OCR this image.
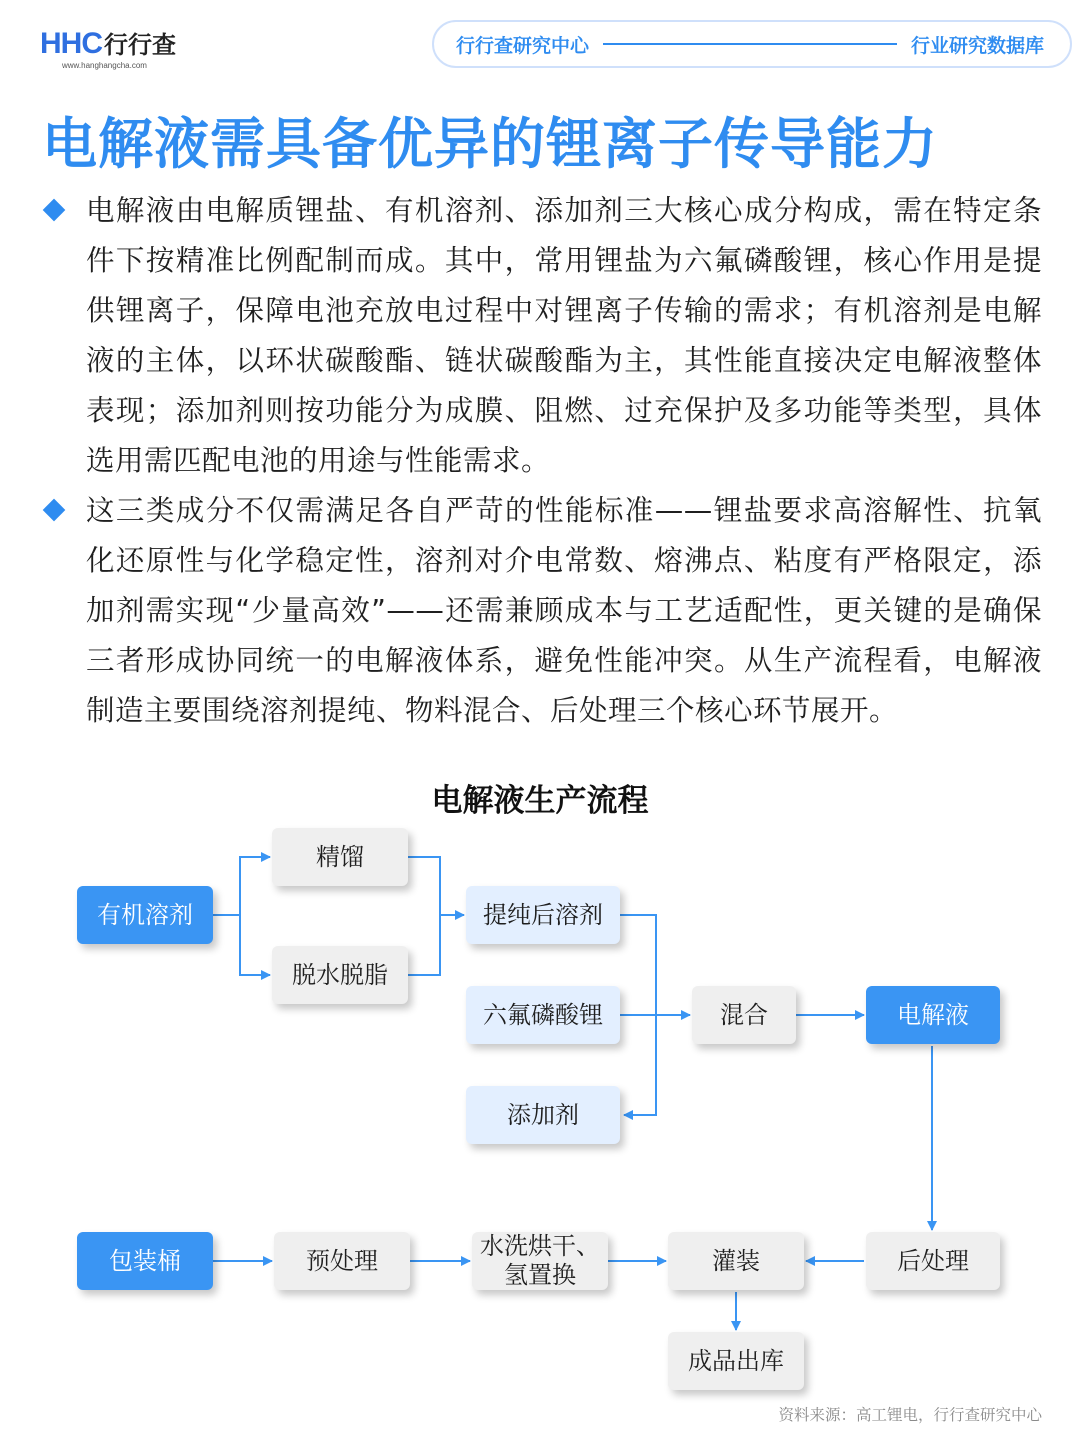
HHC 行行查
www.hanghangcha.com
行行查研究中心	行业研究数据库
电解液需具备优异的锂离子传导能力
电解液由电解质锂盐、有机溶剂、添加剂三大核心成分构成，需在特定条件下按精准比例配制而成。其中，常用锂盐为六氟磷酸锂，核心作用是提供锂离子，保障电池充放电过程中对锂离子传输的需求；有机溶剂是电解液的主体，以环状碳酸酯、链状碳酸酯为主，其性能直接决定电解液整体表现；添加剂则按功能分为成膜、阻燃、过充保护及多功能等类型，具体选用需匹配电池的用途与性能需求。
这三类成分不仅需满足各自严苛的性能标准——锂盐要求高溶解性、抗氧化还原性与化学稳定性，溶剂对介电常数、熔沸点、粘度有严格限定，添加剂需实现“少量高效”——还需兼顾成本与工艺适配性，更关键的是确保三者形成协同统一的电解液体系，避免性能冲突。从生产流程看，电解液制造主要围绕溶剂提纯、物料混合、后处理三个核心环节展开。
电解液生产流程
有机溶剂
精馏
脱水脱脂
提纯后溶剂
六氟磷酸锂
添加剂
混合	电解液
包装桶	预处理
水洗烘干、
氢置换	灌装	后处理
成品出库
资料来源：高工锂电，行行查研究中心
